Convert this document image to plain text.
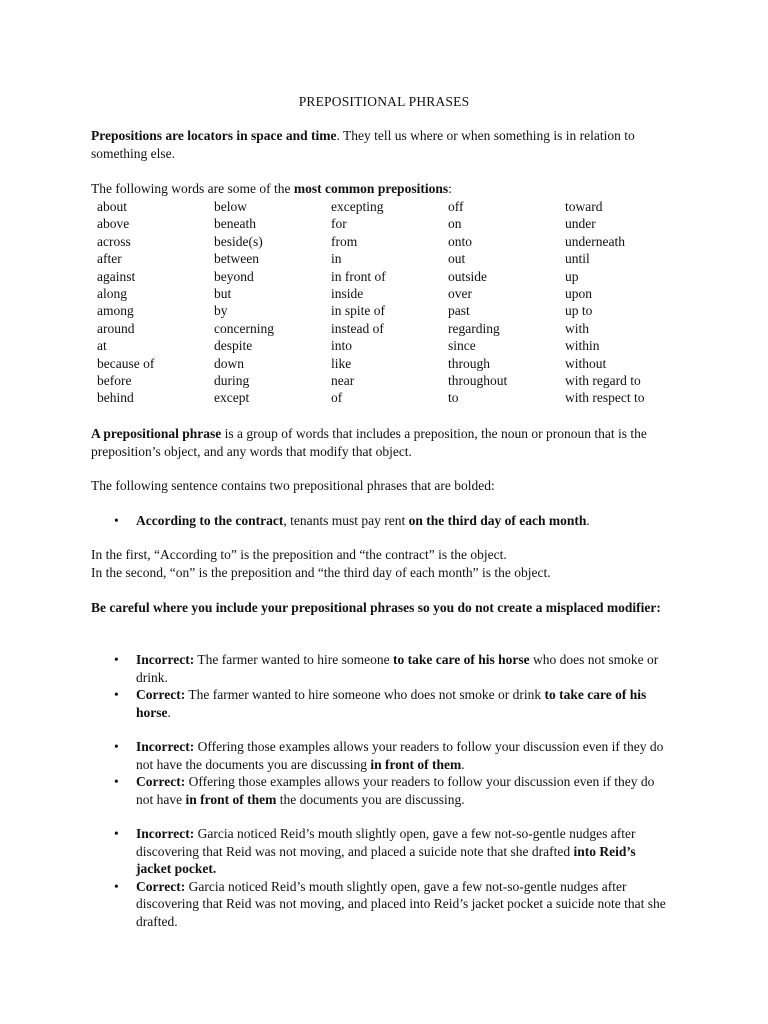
PREPOSITIONAL PHRASES
Prepositions are locators in space and time. They tell us where or when something is in relation to something else.
The following words are some of the most common prepositions:
about	below	excepting	off	toward
above	beneath	for	on	under
across	beside(s)	from	onto	underneath
after	between	in	out	until
against	beyond	in front of	outside	up
along	but	inside	over	upon
among	by	in spite of	past	up to
around	concerning	instead of	regarding	with
at	despite	into	since	within
because of	down	like	through	without
before	during	near	throughout	with regard to
behind	except	of	to	with respect to
A prepositional phrase is a group of words that includes a preposition, the noun or pronoun that is the preposition’s object, and any words that modify that object.
The following sentence contains two prepositional phrases that are bolded:
• According to the contract, tenants must pay rent on the third day of each month.
In the first, “According to” is the preposition and “the contract” is the object.
In the second, “on” is the preposition and “the third day of each month” is the object.
Be careful where you include your prepositional phrases so you do not create a misplaced modifier:
• Incorrect: The farmer wanted to hire someone to take care of his horse who does not smoke or drink.
• Correct: The farmer wanted to hire someone who does not smoke or drink to take care of his horse.
• Incorrect: Offering those examples allows your readers to follow your discussion even if they do not have the documents you are discussing in front of them.
• Correct: Offering those examples allows your readers to follow your discussion even if they do not have in front of them the documents you are discussing.
• Incorrect: Garcia noticed Reid’s mouth slightly open, gave a few not-so-gentle nudges after discovering that Reid was not moving, and placed a suicide note that she drafted into Reid’s jacket pocket.
• Correct: Garcia noticed Reid’s mouth slightly open, gave a few not-so-gentle nudges after discovering that Reid was not moving, and placed into Reid’s jacket pocket a suicide note that she drafted.
